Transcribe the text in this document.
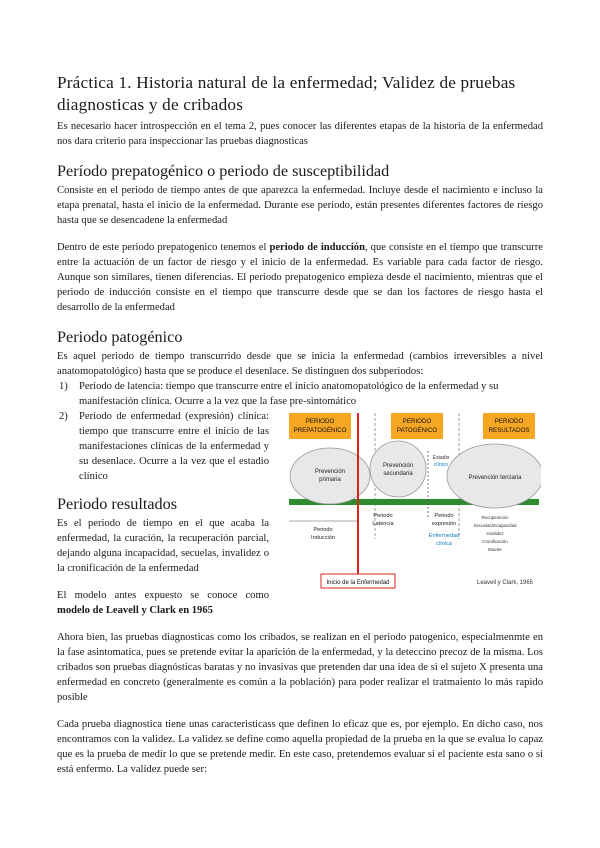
Práctica 1. Historia natural de la enfermedad; Validez de pruebas diagnosticas y de cribados

Es necesario hacer introspección en el tema 2, pues conocer las diferentes etapas de la historia de la enfermedad nos dara criterio para inspeccionar las pruebas diagnosticas

Período prepatogénico o periodo de susceptibilidad

Consiste en el periodo de tiempo antes de que aparezca la enfermedad. Incluye desde el nacimiento e incluso la etapa prenatal, hasta el inicio de la enfermedad. Durante ese periodo, están presentes diferentes factores de riesgo hasta que se desencadene la enfermedad

Dentro de este periodo prepatogenico tenemos el periodo de inducción, que consiste en el tiempo que transcurre entre la actuación de un factor de riesgo y el inicio de la enfermedad. Es variable para cada factor de riesgo. Aunque son similares, tienen diferencias. El periodo prepatogenico empieza desde el nacimiento, mientras que el periodo de inducción consiste en el tiempo que transcurre desde que se dan los factores de riesgo hasta el desarrollo de la enfermedad

Periodo patogénico

Es aquel periodo de tiempo transcurrido desde que se inicia la enfermedad (cambios irreversibles a nivel anatomopatológico) hasta que se produce el desenlace. Se distinguen dos subperiodos:

1) Periodo de latencia: tiempo que transcurre entre el inicio anatomopatológico de la enfermedad y su manifestación clínica. Ocurre a la vez que la fase pre-sintomático
2) Periodo de enfermedad (expresión) clínica: tiempo que transcurre entre el inicio de las manifestaciones clínicas de la enfermedad y su desenlace. Ocurre a la vez que el estadio clínico
Periodo resultados

Es el periodo de tiempo en el que acaba la enfermedad, la curación, la recuperación parcial, dejando alguna incapacidad, secuelas, invalidez o la cronificación de la enfermedad

El modelo antes expuesto se conoce como modelo de Leavell y Clark en 1965

PERIODO
PREPATOGÉNICO
PERIODO
PATOGÉNICO
PERIODO
RESULTADOS
Prevención
primaria
Prevención
secundaria
Estadio
clínico
Prevención terciaria
Inicio de la Enfermedad
Periodo
Inducción
Periodo
Latencia
Periodo
expresión
Enfermedad
clínica
Recuperación
Secuelas/Incapacidad
Invalidez
Cronificación
Muerte
Leavell y Clark, 1965

Ahora bien, las pruebas diagnosticas como los cribados, se realizan en el periodo patogenico, especialmenmte en la fase asintomatica, pues se pretende evitar la aparición de la enfermedad, y la deteccino precoz de la misma. Los cribados son pruebas diagnósticas baratas y no invasivas que pretenden dar una idea de si el sujeto X presenta una enfermedad en concreto (generalmente es común a la población) para poder realizar el tratmaiento lo más rapido posible

Cada prueba diagnostica tiene unas caracteristicass que definen lo eficaz que es, por ejemplo. En dicho caso, nos encontramos con la validez. La validez se define como aquella propiedad de la prueba en la que se evalua lo capaz que es la prueba de medir lo que se pretende medir. En este caso, pretendemos evaluar si el paciente esta sano o si está enfermo. La validez puede ser:
